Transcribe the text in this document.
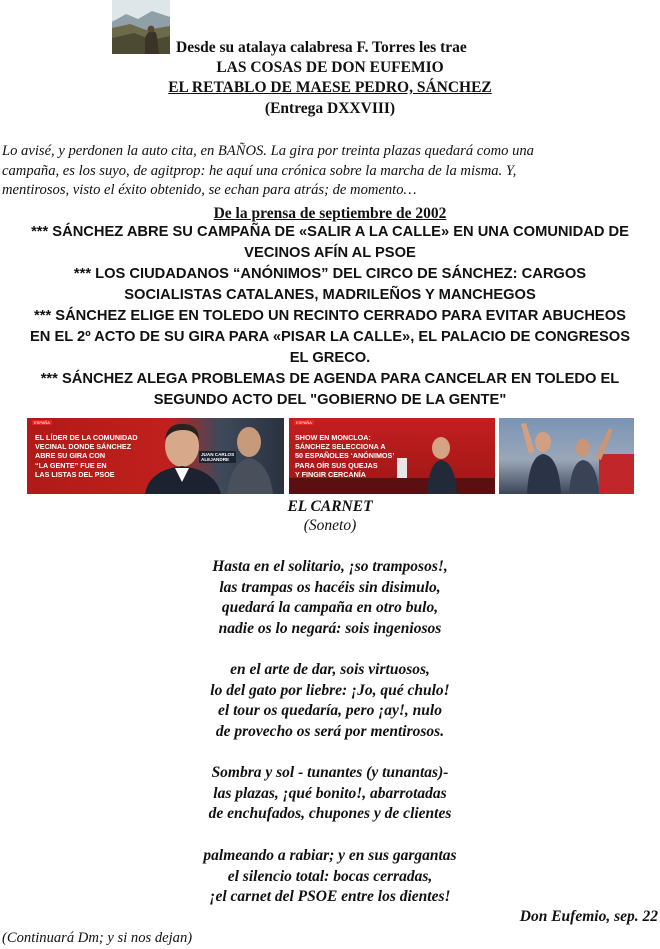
Desde su atalaya calabresa F. Torres les trae
LAS COSAS DE DON EUFEMIO
EL RETABLO DE MAESE PEDRO, SÁNCHEZ
(Entrega DXXVIII)
Lo avisé, y perdonen la auto cita, en BAÑOS. La gira por treinta plazas quedará como una
campaña, es los suyo, de agitprop: he aquí una crónica sobre la marcha de la misma. Y,
mentirosos, visto el éxito obtenido, se echan para atrás; de momento…
De la prensa de septiembre de 2002
*** SÁNCHEZ ABRE SU CAMPAÑA DE «SALIR A LA CALLE» EN UNA COMUNIDAD DE
VECINOS AFÍN AL PSOE
*** LOS CIUDADANOS “ANÓNIMOS” DEL CIRCO DE SÁNCHEZ: CARGOS
SOCIALISTAS CATALANES, MADRILEÑOS Y MANCHEGOS
*** SÁNCHEZ ELIGE EN TOLEDO UN RECINTO CERRADO PARA EVITAR ABUCHEOS
EN EL 2º ACTO DE SU GIRA PARA «PISAR LA CALLE», EL PALACIO DE CONGRESOS
EL GRECO.
*** SÁNCHEZ ALEGA PROBLEMAS DE AGENDA PARA CANCELAR EN TOLEDO EL
SEGUNDO ACTO DEL "GOBIERNO DE LA GENTE"
ESPAÑA
EL LÍDER DE LA COMUNIDAD
VECINAL DONDE SÁNCHEZ
ABRE SU GIRA CON
“LA GENTE” FUE EN
LAS LISTAS DEL PSOE
JUAN CARLOS
ALEJANDRE
ESPAÑA
SHOW EN MONCLOA:
SÁNCHEZ SELECCIONA A
50 ESPAÑOLES ‘ANÓNIMOS’
PARA OÍR SUS QUEJAS
Y FINGIR CERCANÍA
EL CARNET
(Soneto)
Hasta en el solitario, ¡so tramposos!,
las trampas os hacéis sin disimulo,
quedará la campaña en otro bulo,
nadie os lo negará: sois ingeniosos
en el arte de dar, sois virtuosos,
lo del gato por liebre: ¡Jo, qué chulo!
el tour os quedaría, pero ¡ay!, nulo
de provecho os será por mentirosos.
Sombra y sol - tunantes (y tunantas)-
las plazas, ¡qué bonito!, abarrotadas
de enchufados, chupones y de clientes
palmeando a rabiar; y en sus gargantas
el silencio total: bocas cerradas,
¡el carnet del PSOE entre los dientes!
Don Eufemio, sep. 22
(Continuará Dm; y si nos dejan)
